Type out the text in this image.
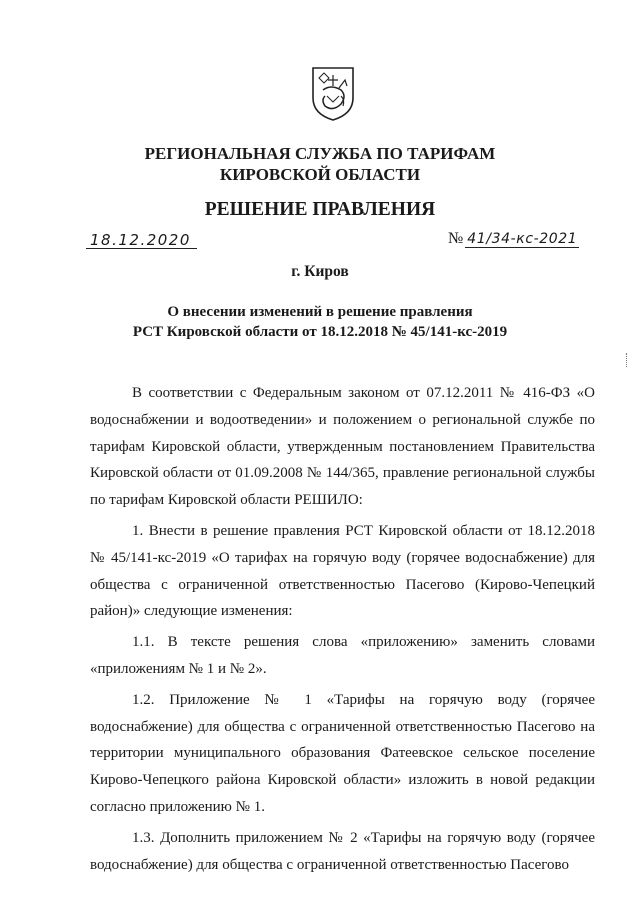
РЕГИОНАЛЬНАЯ СЛУЖБА ПО ТАРИФАМ
КИРОВСКОЙ ОБЛАСТИ
РЕШЕНИЕ ПРАВЛЕНИЯ
18.12.2020	№ 41/34-кс-2021
г. Киров
О внесении изменений в решение правления
РСТ Кировской области от 18.12.2018 № 45/141-кс-2019

В соответствии с Федеральным законом от 07.12.2011 № 416-ФЗ «О водоснабжении и водоотведении» и положением о региональной службе по тарифам Кировской области, утвержденным постановлением Правительства Кировской области от 01.09.2008 № 144/365, правление региональной службы по тарифам Кировской области РЕШИЛО:

1. Внести в решение правления РСТ Кировской области от 18.12.2018 № 45/141-кс-2019 «О тарифах на горячую воду (горячее водоснабжение) для общества с ограниченной ответственностью Пасегово (Кирово-Чепецкий район)» следующие изменения:

1.1. В тексте решения слова «приложению» заменить словами «приложениям № 1 и № 2».

1.2. Приложение № 1 «Тарифы на горячую воду (горячее водоснабжение) для общества с ограниченной ответственностью Пасегово на территории муниципального образования Фатеевское сельское поселение Кирово-Чепецкого района Кировской области» изложить в новой редакции согласно приложению № 1.

1.3. Дополнить приложением № 2 «Тарифы на горячую воду (горячее водоснабжение) для общества с ограниченной ответственностью Пасегово
